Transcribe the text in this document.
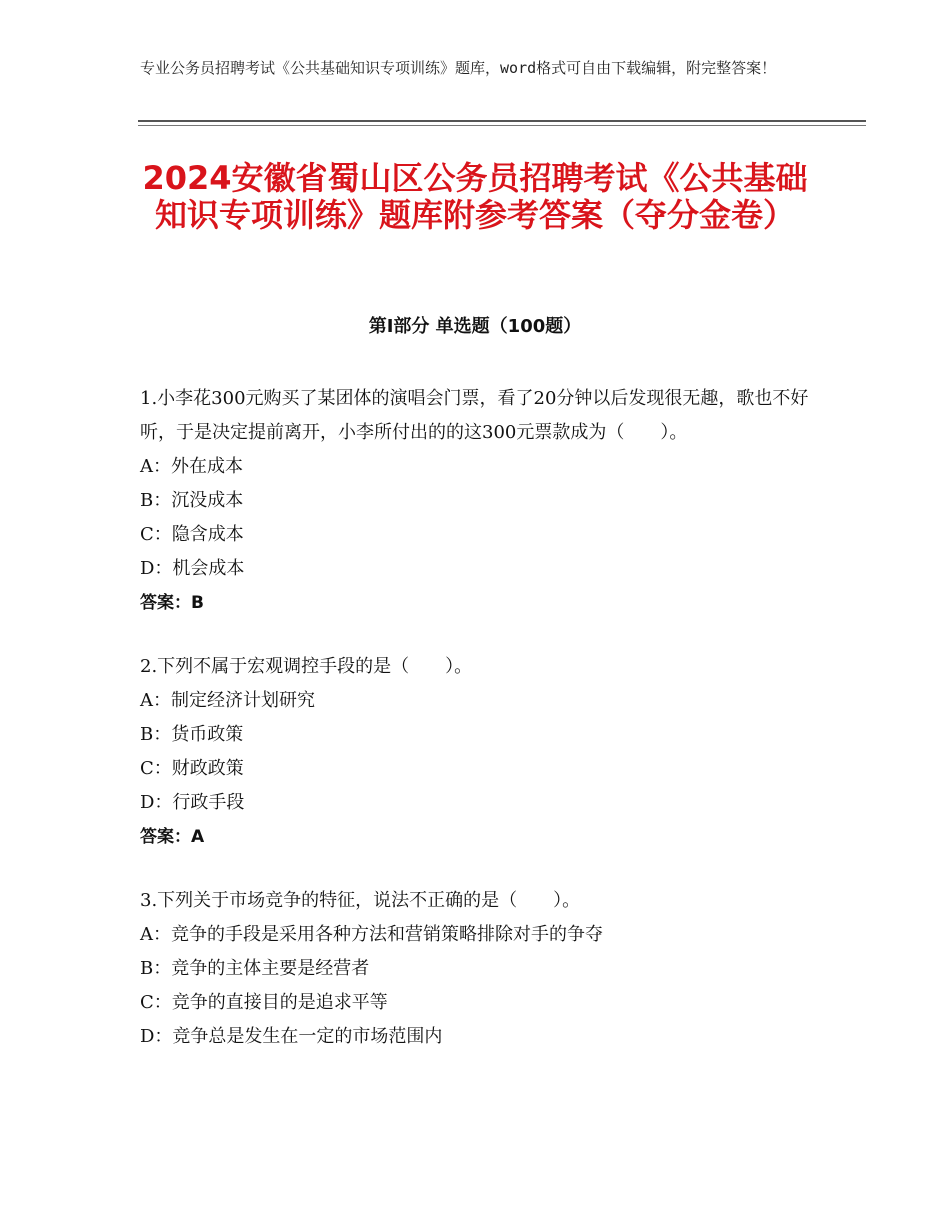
专业公务员招聘考试《公共基础知识专项训练》题库，word格式可自由下载编辑，附完整答案！
2024安徽省蜀山区公务员招聘考试《公共基础知识专项训练》题库附参考答案（夺分金卷）
第Ⅰ部分 单选题（100题）

1.小李花300元购买了某团体的演唱会门票，看了20分钟以后发现很无趣，歌也不好听，于是决定提前离开，小李所付出的的这300元票款成为（　　）。

A：外在成本

B：沉没成本

C：隐含成本

D：机会成本

答案：B

2.下列不属于宏观调控手段的是（　　）。

A：制定经济计划研究

B：货币政策

C：财政政策

D：行政手段

答案：A

3.下列关于市场竞争的特征，说法不正确的是（　　）。

A：竞争的手段是采用各种方法和营销策略排除对手的争夺

B：竞争的主体主要是经营者

C：竞争的直接目的是追求平等

D：竞争总是发生在一定的市场范围内
